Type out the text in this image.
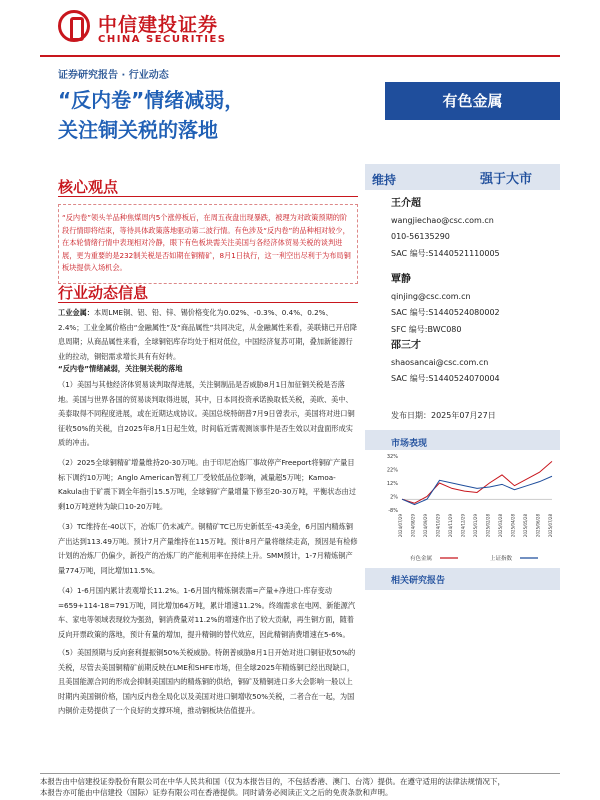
中信建投证券
CHINA SECURITIES
证券研究报告 · 行业动态
“反内卷”情绪减弱，
关注铜关税的落地
有色金属
核心观点
“反内卷”领头羊品种焦煤周内5个涨停板后，在周五夜盘出现暴跌，被理为对政策预期的阶段行情即将结束，等待具体政策落地驱动第二波行情。有色涉及“反内卷”的品种相对较少，在本轮情绪行情中表现相对冷静，眼下有色板块需关注美国与各经济体贸易关税的谈判进展，更为重要的是232制关税是否如期在铜精矿，8月1日执行，这一利空出尽利于为布局铜板块提供入场机会。
行业动态信息
工业金属：本周LME铜、铝、铅、锌、锡价格变化为0.02%、-0.3%、0.4%、0.2%、2.4%；工业金属价格由“金融属性”及“商品属性”共同决定，从金融属性来看，美联储已开启降息周期；从商品属性来看，全球铜铝库存均处于相对低位，中国经济复苏可期，叠加新能源行业的拉动，铜铝需求增长具有有好转。
“反内卷”情绪减弱，关注铜关税的落地
（1）美国与其他经济体贸易谈判取得进展，关注铜制品是否威胁8月1日加征铜关税是否落地。美国与世界各国的贸易谈判取得进展，其中，日本同投资承诺换取低关税，美欧、美中、美泰取得不同程度进展，或在近期达成协议。美国总统特朗普7月9日曾表示，美国将对进口铜征收50%的关税，自2025年8月1日起生效，时间临近需观测该事件是否生效以对盘面形成实质的冲击。
（2）2025全球铜精矿增量维持20-30万吨。由于印尼冶炼厂事故停产Freeport将铜矿产量目标下调约10万吨；Anglo American智利工厂受较低品位影响，减量超5万吨；Kamoa-Kakula由于矿震下调全年指引15.5万吨，全球铜矿产量增量下修至20-30万吨，平衡状态由过剩10万吨逆转为缺口10-20万吨。
（3）TC维持在-40以下，冶炼厂仍未减产。铜精矿TC已历史新低至-43美金，6月国内精炼铜产出达到113.49万吨。预计7月产量维持在115万吨。预计8月产量将继续走高，预因是有检修计划的冶炼厂仍偏少，新投产的冶炼厂的产能利用率在持续上升。SMM预计，1-7月精炼铜产量774万吨，同比增加11.5%。
（4）1-6月国内累计表观增长11.2%。1-6月国内精炼铜表需=产量+净进口-库存变动=659+114-18=791万吨，同比增加64万吨，累计增速11.2%。终端需求在电网、新能源汽车、家电等领域表现较为强劲，铜消费量对11.2%的增速作出了较大贡献，再生铜方面，随着反向开票政策的落地，预计有量的增加，提升精铜的替代效应，因此精铜消费增速在5-6%。
（5）美国预期与反向套利提振铜50%关税威胁。特朗普威胁8月1日开始对进口铜征收50%的关税，尽管去美国铜精矿前期反映在LME和SHFE市场，但全球2025年精炼铜已经出现缺口，且美国能源合同的形成会抑制美国国内的精炼铜的供给，铜矿及精铜进口多大会影响一般以上时期内美国铜价格，国内反内卷全局化以及美国对进口铜增收50%关税，二者合在一起，为国内铜价走势提供了一个良好的支撑环境，推动铜板块估值提升。
维持	强于大市
王介超
wangjiechao@csc.com.cn
010-56135290
SAC 编号:S1440521110005
覃静
qinjing@csc.com.cn
SAC 编号:S1440524080002
SFC 编号:BWC080
邵三才
shaosancai@csc.com.cn
SAC 编号:S1440524070004
发布日期：2025年07月27日
市场表现
32%
22%
12%
2%
-8%
2024/07/29 2024/08/29 2024/09/29 2024/10/29 2024/11/29 2024/12/29 2025/01/29 2025/02/28 2025/03/28 2025/04/28 2025/05/28 2025/06/28 2025/07/28
有色金属	上证指数
相关研究报告
本报告由中信建投证券股份有限公司在中华人民共和国（仅为本报告目的，不包括香港、澳门、台湾）提供。在遵守适用的法律法规情况下，
本报告亦可能由中信建投（国际）证券有限公司在香港提供。同时请务必阅读正文之后的免责条款和声明。
